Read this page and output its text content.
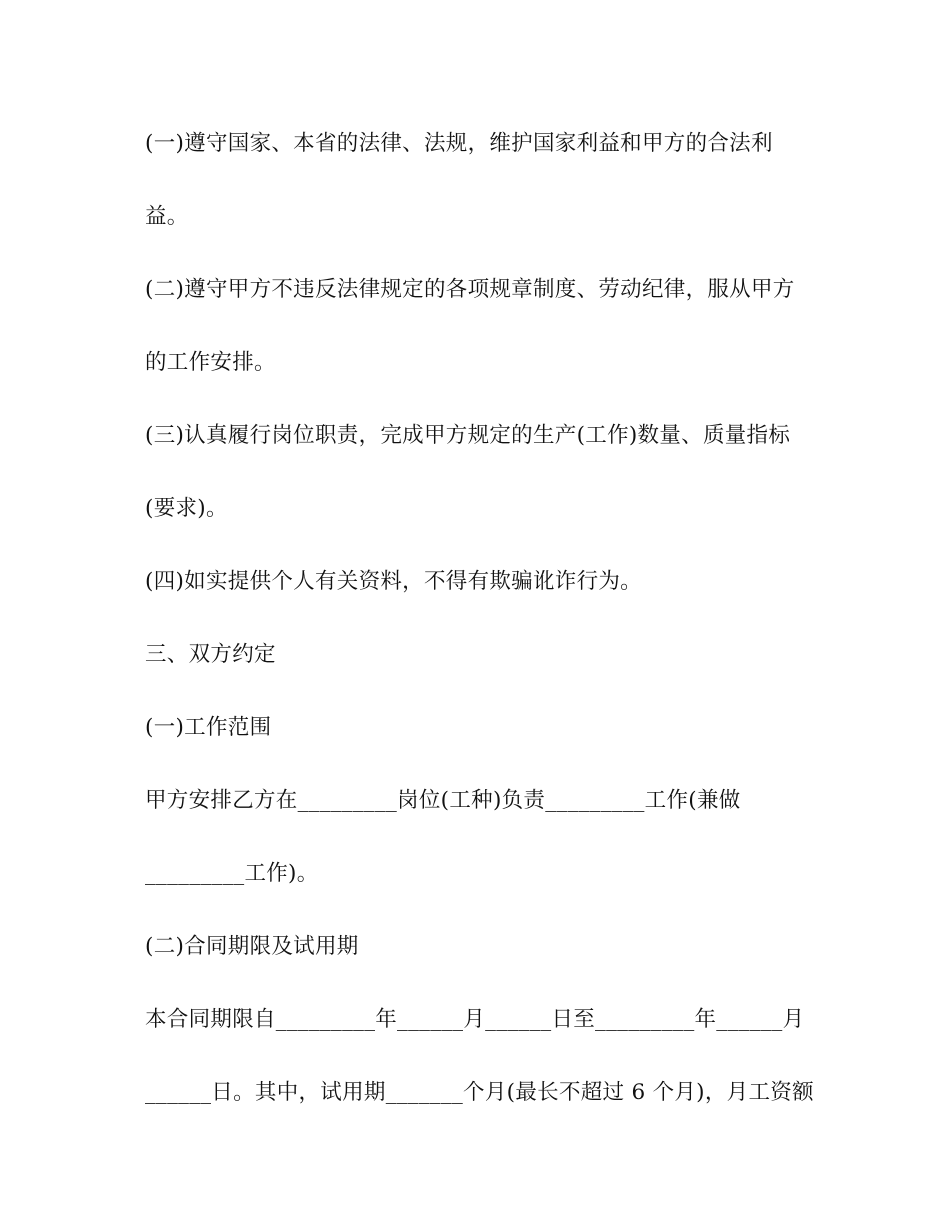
(一)遵守国家、本省的法律、法规，维护国家利益和甲方的合法利
益。
(二)遵守甲方不违反法律规定的各项规章制度、劳动纪律，服从甲方
的工作安排。
(三)认真履行岗位职责，完成甲方规定的生产(工作)数量、质量指标
(要求)。
(四)如实提供个人有关资料，不得有欺骗讹诈行为。
三、双方约定
(一)工作范围
甲方安排乙方在_________岗位(工种)负责_________工作(兼做
_________工作)。
(二)合同期限及试用期
本合同期限自_________年______月______日至_________年______月
______日。其中，试用期_______个月(最长不超过 6 个月)，月工资额
